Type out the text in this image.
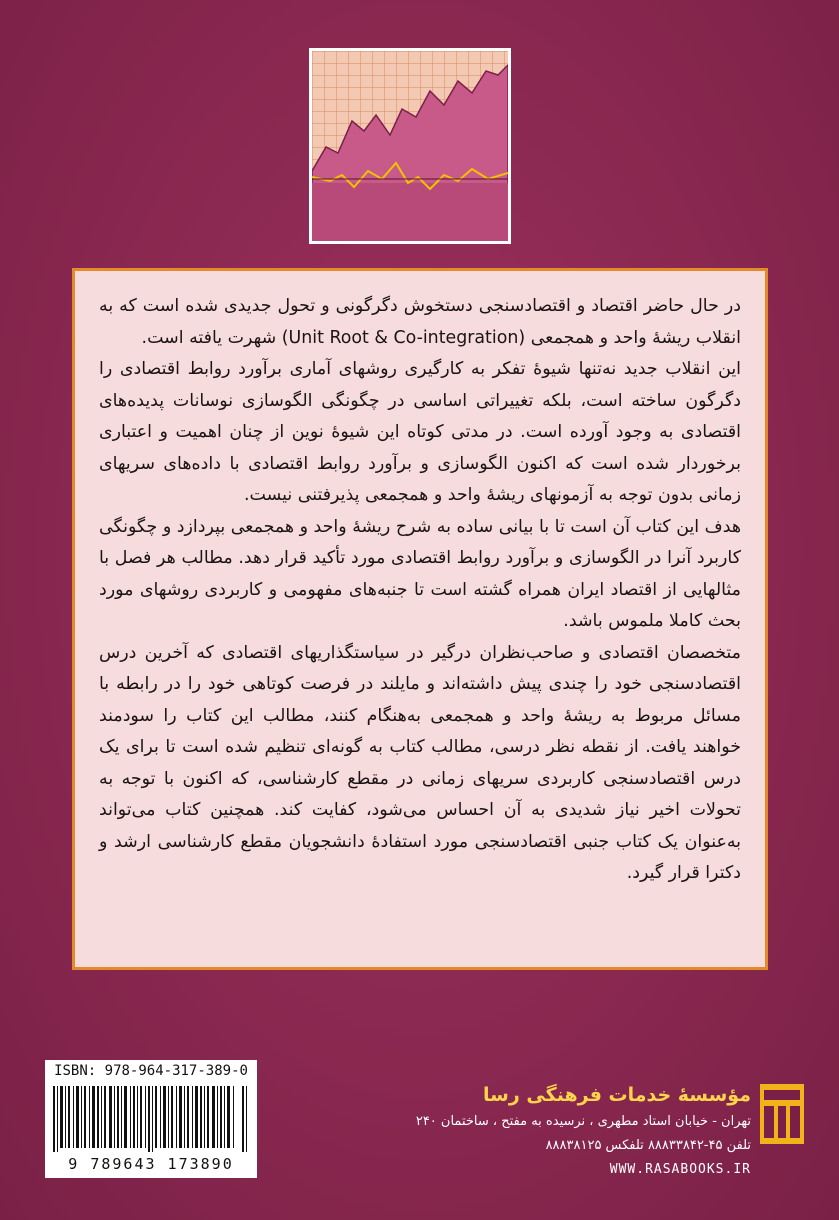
در حال حاضر اقتصاد و اقتصادسنجی دستخوش دگرگونی و تحول جدیدی شده است که به انقلاب ریشهٔ واحد و همجمعی (Unit Root & Co-integration) شهرت یافته است.

این انقلاب جدید نه‌تنها شیوهٔ تفکر به کارگیری روشهای آماری برآورد روابط اقتصادی را دگرگون ساخته است، بلکه تغییراتی اساسی در چگونگی الگوسازی نوسانات پدیده‌های اقتصادی به وجود آورده است. در مدتی کوتاه این شیوهٔ نوین از چنان اهمیت و اعتباری برخوردار شده است که اکنون الگوسازی و برآورد روابط اقتصادی با داده‌های سریهای زمانی بدون توجه به آزمونهای ریشهٔ واحد و همجمعی پذیرفتنی نیست.

هدف این کتاب آن است تا با بیانی ساده به شرح ریشهٔ واحد و همجمعی بپردازد و چگونگی کاربرد آنرا در الگوسازی و برآورد روابط اقتصادی مورد تأکید قرار دهد. مطالب هر فصل با مثالهایی از اقتصاد ایران همراه گشته است تا جنبه‌های مفهومی و کاربردی روشهای مورد بحث کاملا ملموس باشد.

متخصصان اقتصادی و صاحب‌نظران درگیر در سیاستگذاریهای اقتصادی که آخرین درس اقتصادسنجی خود را چندی پیش داشته‌اند و مایلند در فرصت کوتاهی خود را در رابطه با مسائل مربوط به ریشهٔ واحد و همجمعی به‌هنگام کنند، مطالب این کتاب را سودمند خواهند یافت. از نقطه نظر درسی، مطالب کتاب به گونه‌ای تنظیم شده است تا برای یک درس اقتصادسنجی کاربردی سریهای زمانی در مقطع کارشناسی، که اکنون با توجه به تحولات اخیر نیاز شدیدی به آن احساس می‌شود، کفایت کند. همچنین کتاب می‌تواند به‌عنوان یک کتاب جنبی اقتصادسنجی مورد استفادهٔ دانشجویان مقطع کارشناسی ارشد و دکترا قرار گیرد.

ISBN: 978-964-317-389-0
9 789643 173890
مؤسسهٔ خدمات فرهنگی رسا
تهران - خیابان استاد مطهری ، نرسیده به مفتح ، ساختمان ۲۴۰
تلفن ۴۵-۸۸۸۳۳۸۴۲ تلفکس ۸۸۸۳۸۱۲۵
WWW.RASABOOKS.IR
